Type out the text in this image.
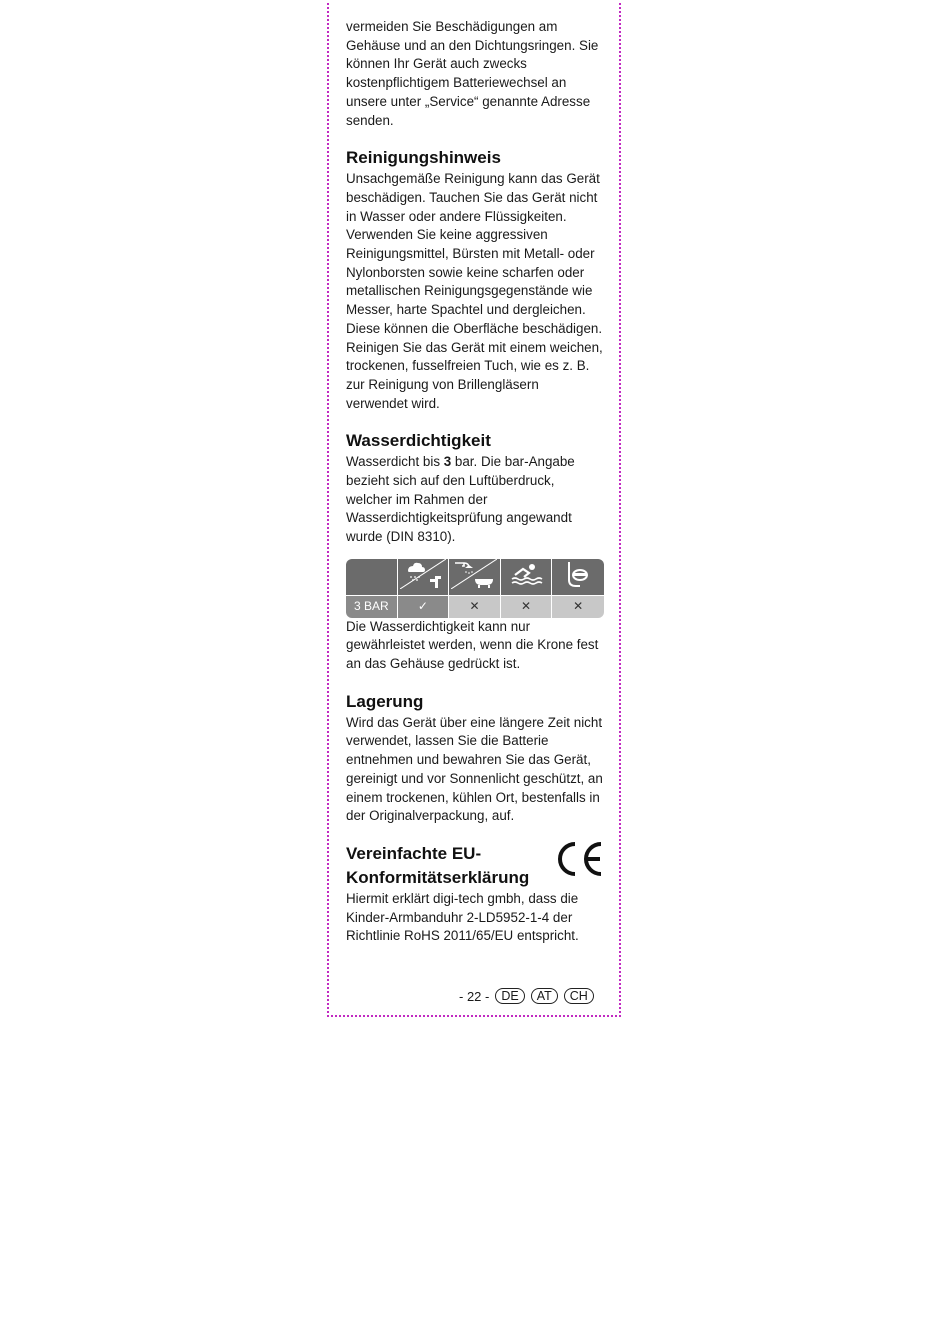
vermeiden Sie Beschädigungen am Gehäuse und an den Dichtungsringen. Sie können Ihr Gerät auch zwecks kostenpflichtigem Batteriewechsel an unsere unter „Service“ genannte Adresse senden.

Reinigungshinweis

Unsachgemäße Reinigung kann das Gerät beschädigen. Tauchen Sie das Gerät nicht in Wasser oder andere Flüssigkeiten. Verwenden Sie keine aggressiven Reinigungsmittel, Bürsten mit Metall- oder Nylonborsten sowie keine scharfen oder metallischen Reinigungsgegenstände wie Messer, harte Spachtel und dergleichen. Diese können die Oberfläche beschädigen. Reinigen Sie das Gerät mit einem weichen, trockenen, fusselfreien Tuch, wie es z. B. zur Reinigung von Brillengläsern verwendet wird.

Wasserdichtigkeit

Wasserdicht bis 3 bar. Die bar-Angabe bezieht sich auf den Luftüberdruck, welcher im Rahmen der Wasserdichtigkeitsprüfung angewandt wurde (DIN 8310).

3 BAR	✓	✕	✕	✕

Die Wasserdichtigkeit kann nur gewährleistet werden, wenn die Krone fest an das Gehäuse gedrückt ist.

Lagerung

Wird das Gerät über eine längere Zeit nicht verwendet, lassen Sie die Batterie entnehmen und bewahren Sie das Gerät, gereinigt und vor Sonnenlicht geschützt, an einem trockenen, kühlen Ort, bestenfalls in der Originalverpackung, auf.

Vereinfachte EU-
Konformitätserklärung

Hiermit erklärt digi-tech gmbh, dass die Kinder-Armbanduhr 2-LD5952-1-4 der Richtlinie RoHS 2011/65/EU entspricht.

- 22 - DE	AT	CH
